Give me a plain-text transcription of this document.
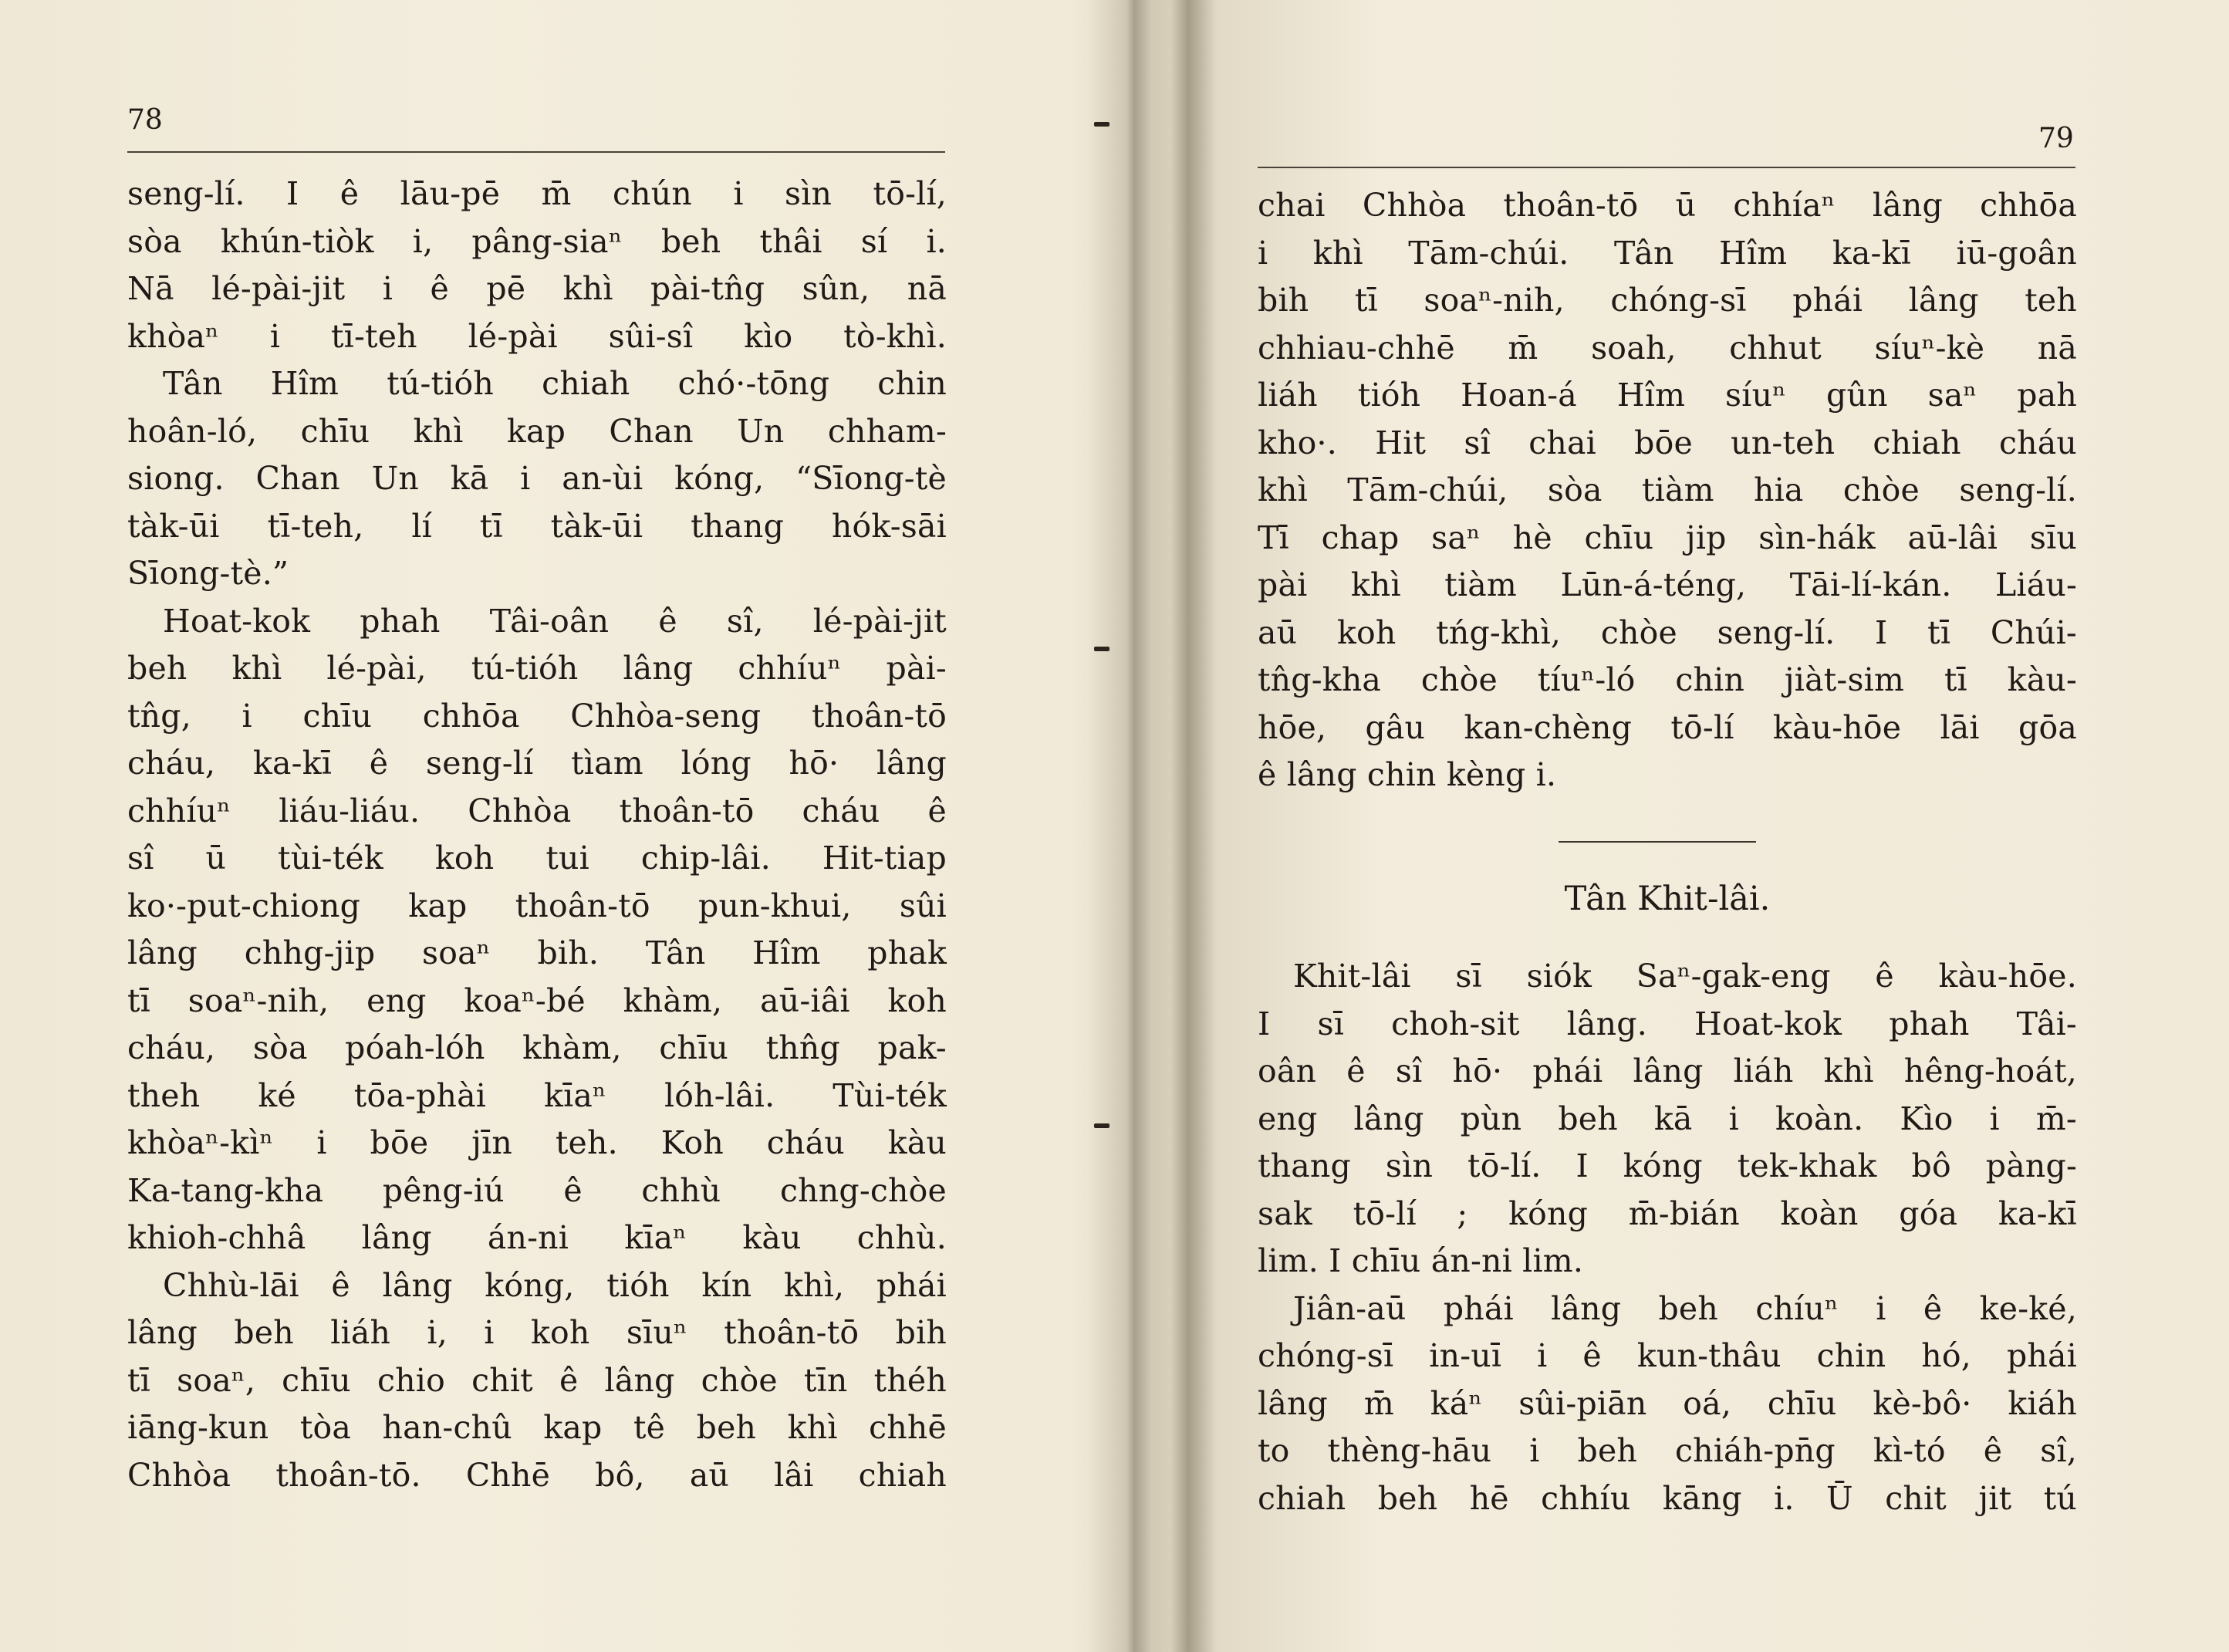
78
seng-lí. I ê lāu-pē m̄ chún i sìn tō-lí,
sòa khún-tiòk i, pâng-siaⁿ beh thâi sí i.
Nā lé-pài-jit i ê pē khì pài-tn̂g sûn, nā
khòaⁿ i tī-teh lé-pài sûi-sî kìo tò-khì.
Tân Hîm tú-tióh chiah chó·-tōng chin
hoân-ló, chīu khì kap Chan Un chham-
siong. Chan Un kā i an-ùi kóng, “Sīong-tè
tàk-ūi tī-teh, lí tī tàk-ūi thang hók-sāi
Sīong-tè.”
Hoat-kok phah Tâi-oân ê sî, lé-pài-jit
beh khì lé-pài, tú-tióh lâng chhíuⁿ pài-
tn̂g, i chīu chhōa Chhòa-seng thoân-tō
cháu, ka-kī ê seng-lí tìam lóng hō· lâng
chhíuⁿ liáu-liáu. Chhòa thoân-tō cháu ê
sî ū tùi-ték koh tui chip-lâi. Hit-tiap
ko·-put-chiong kap thoân-tō pun-khui, sûi
lâng chhg-jip soaⁿ bih. Tân Hîm phak
tī soaⁿ-nih, eng koaⁿ-bé khàm, aū-iâi koh
cháu, sòa póah-lóh khàm, chīu thn̂g pak-
theh ké tōa-phài kīaⁿ lóh-lâi. Tùi-ték
khòaⁿ-kìⁿ i bōe jīn teh. Koh cháu kàu
Ka-tang-kha pêng-iú ê chhù chng-chòe
khioh-chhâ lâng án-ni kīaⁿ kàu chhù.
Chhù-lāi ê lâng kóng, tióh kín khì, phái
lâng beh liáh i, i koh sīuⁿ thoân-tō bih
tī soaⁿ, chīu chio chit ê lâng chòe tīn théh
iāng-kun tòa han-chû kap tê beh khì chhē
Chhòa thoân-tō. Chhē bô, aū lâi chiah
79
chai Chhòa thoân-tō ū chhíaⁿ lâng chhōa
i khì Tām-chúi. Tân Hîm ka-kī iū-goân
bih tī soaⁿ-nih, chóng-sī phái lâng teh
chhiau-chhē m̄ soah, chhut síuⁿ-kè nā
liáh tióh Hoan-á Hîm síuⁿ gûn saⁿ pah
kho·. Hit sî chai bōe un-teh chiah cháu
khì Tām-chúi, sòa tiàm hia chòe seng-lí.
Tī chap saⁿ hè chīu jip sìn-hák aū-lâi sīu
pài khì tiàm Lūn-á-téng, Tāi-lí-kán. Liáu-
aū koh tńg-khì, chòe seng-lí. I tī Chúi-
tn̂g-kha chòe tíuⁿ-ló chin jiàt-sim tī kàu-
hōe, gâu kan-chèng tō-lí kàu-hōe lāi gōa
ê lâng chin kèng i.
Tân Khit-lâi.
Khit-lâi sī siók Saⁿ-gak-eng ê kàu-hōe.
I sī choh-sit lâng. Hoat-kok phah Tâi-
oân ê sî hō· phái lâng liáh khì hêng-hoát,
eng lâng pùn beh kā i koàn. Kìo i m̄-
thang sìn tō-lí. I kóng tek-khak bô pàng-
sak tō-lí ; kóng m̄-bián koàn góa ka-kī
lim. I chīu án-ni lim.
Jiân-aū phái lâng beh chíuⁿ i ê ke-ké,
chóng-sī in-uī i ê kun-thâu chin hó, phái
lâng m̄ káⁿ sûi-piān oá, chīu kè-bô· kiáh
to thèng-hāu i beh chiáh-pn̄g kì-tó ê sî,
chiah beh hē chhíu kāng i. Ū chit jit tú
